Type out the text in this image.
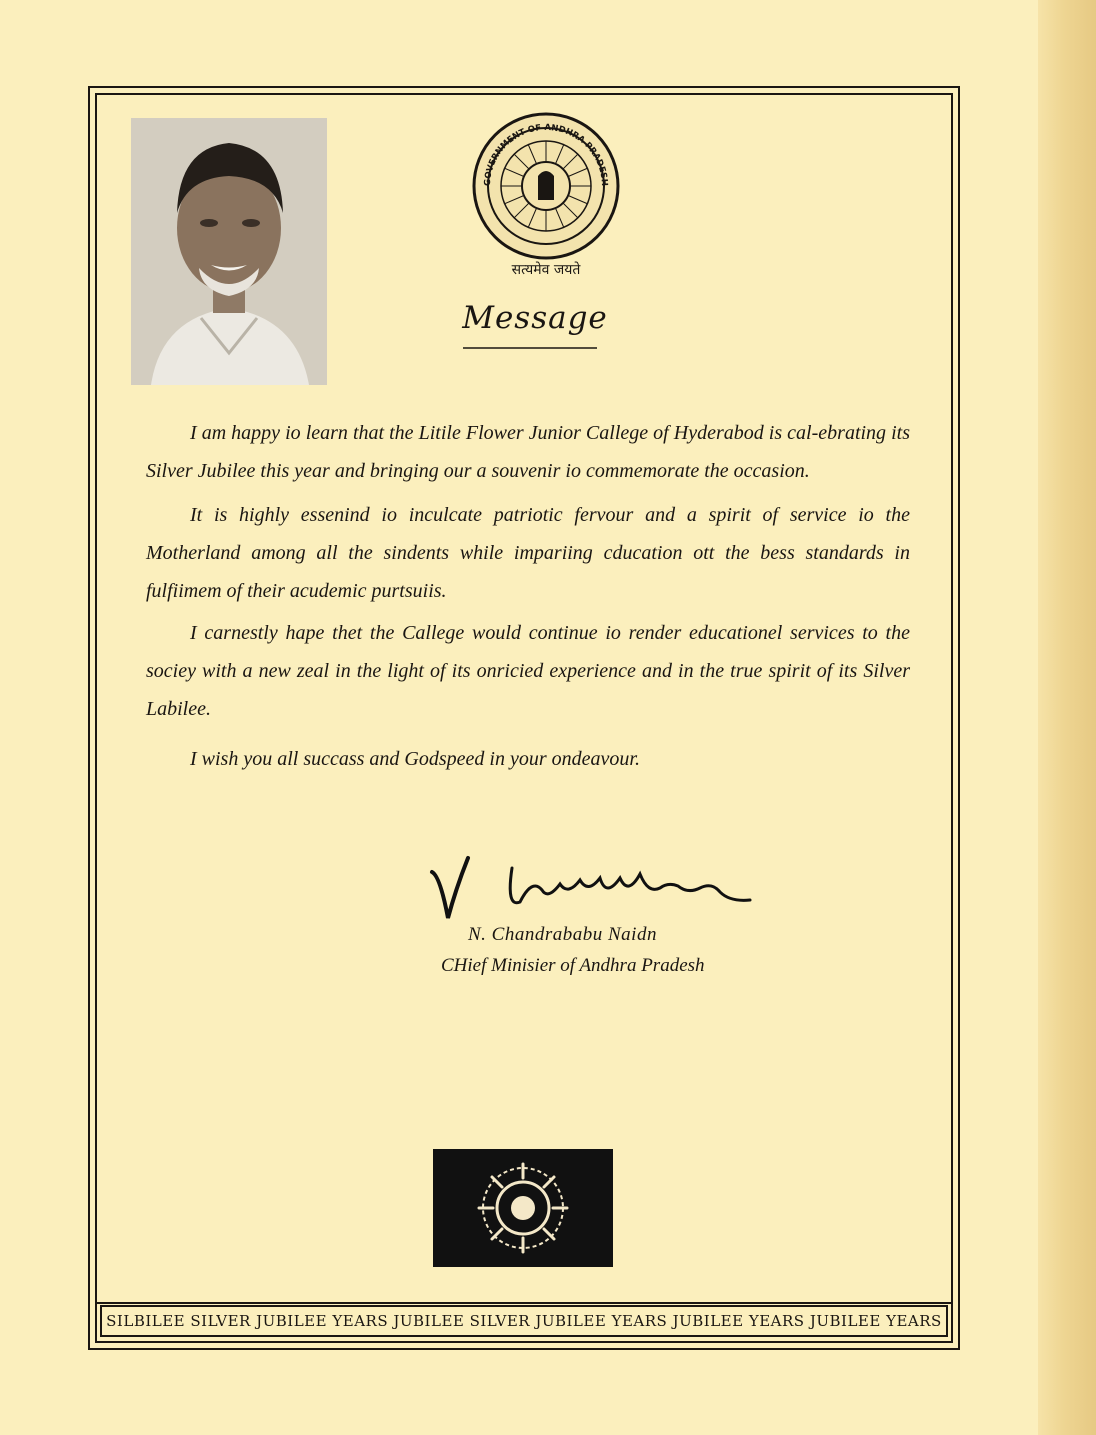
GOVERNMENT OF ANDHRA PRADESH
सत्यमेव जयते
Message

I am happy io learn that the Litile Flower Junior Callege of Hyderabod is cal-ebrating its Silver Jubilee this year and bringing our a souvenir io commemorate the occasion.

It is highly essenind io inculcate patriotic fervour and a spirit of service io the Motherland among all the sindents while impariing cducation ott the bess standards in fulfiimem of their acudemic purtsuiis.

I carnestly hape thet the Callege would continue io render educationel services to the sociey with a new zeal in the light of its onricied experience and in the true spirit of its Silver Labilee.

I wish you all succass and Godspeed in your ondeavour.

N. Chandrababu Naidn
CHief Minisier of Andhra Pradesh
SILBILEE SILVER JUBILEE YEARS JUBILEE SILVER JUBILEE YEARS JUBILEE YEARS JUBILEE YEARS
